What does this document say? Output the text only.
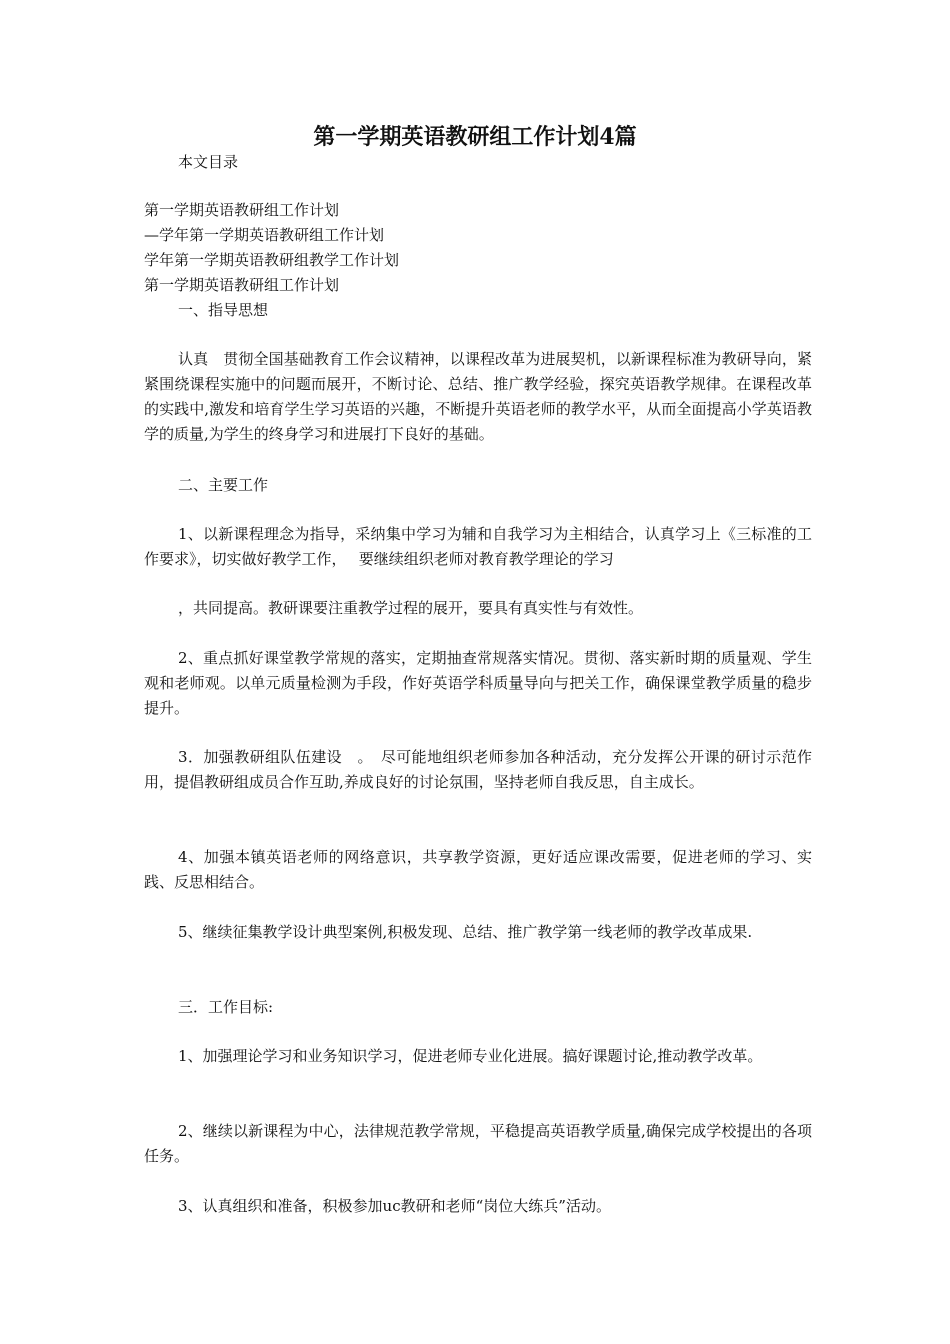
第一学期英语教研组工作计划4篇

本文目录

第一学期英语教研组工作计划
—学年第一学期英语教研组工作计划
学年第一学期英语教研组教学工作计划
第一学期英语教研组工作计划

一、指导思想

认真　贯彻全国基础教育工作会议精神，以课程改革为进展契机，以新课程标准为教研导向，紧紧围绕课程实施中的问题而展开，不断讨论、总结、推广教学经验，探究英语教学规律。在课程改革的实践中,激发和培育学生学习英语的兴趣，不断提升英语老师的教学水平，从而全面提高小学英语教学的质量,为学生的终身学习和进展打下良好的基础。

二、主要工作

1、以新课程理念为指导，采纳集中学习为辅和自我学习为主相结合，认真学习上《三标准的工作要求》，切实做好教学工作，　 要继续组织老师对教育教学理论的学习

，共同提高。教研课要注重教学过程的展开，要具有真实性与有效性。

2、重点抓好课堂教学常规的落实，定期抽查常规落实情况。贯彻、落实新时期的质量观、学生观和老师观。以单元质量检测为手段，作好英语学科质量导向与把关工作，确保课堂教学质量的稳步提升。

3．加强教研组队伍建设　。　尽可能地组织老师参加各种活动，充分发挥公开课的研讨示范作用，提倡教研组成员合作互助,养成良好的讨论氛围，坚持老师自我反思，自主成长。

4、加强本镇英语老师的网络意识，共享教学资源，更好适应课改需要，促进老师的学习、实践、反思相结合。

5、继续征集教学设计典型案例,积极发现、总结、推广教学第一线老师的教学改革成果.

三．工作目标:

1、加强理论学习和业务知识学习，促进老师专业化进展。搞好课题讨论,推动教学改革。

2、继续以新课程为中心，法律规范教学常规，平稳提高英语教学质量,确保完成学校提出的各项任务。

3、认真组织和准备，积极参加uc教研和老师“岗位大练兵”活动。
